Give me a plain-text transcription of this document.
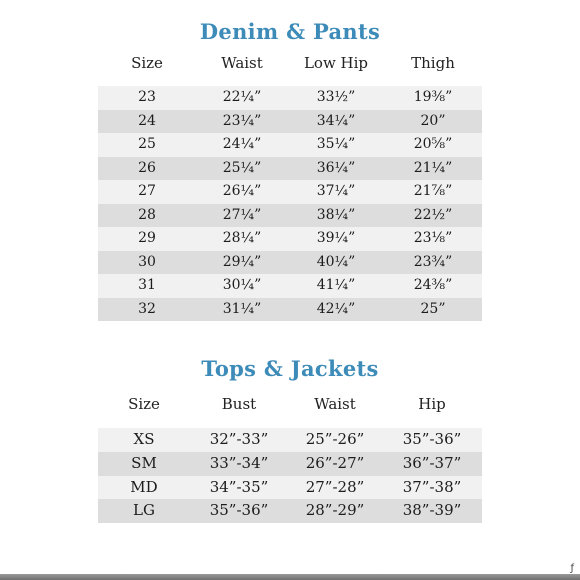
Denim & Pants
Size	Waist	Low Hip	Thigh
23	22¼”	33½”	19⅜”
24	23¼”	34¼”	20”
25	24¼”	35¼”	20⅝”
26	25¼”	36¼”	21¼”
27	26¼”	37¼”	21⅞”
28	27¼”	38¼”	22½”
29	28¼”	39¼”	23⅛”
30	29¼”	40¼”	23¾”
31	30¼”	41¼”	24⅜”
32	31¼”	42¼”	25”
Tops & Jackets
Size	Bust	Waist	Hip
XS	32”-33”	25”-26”	35”-36”
SM	33”-34”	26”-27”	36”-37”
MD	34”-35”	27”-28”	37”-38”
LG	35”-36”	28”-29”	38”-39”
ƒ
